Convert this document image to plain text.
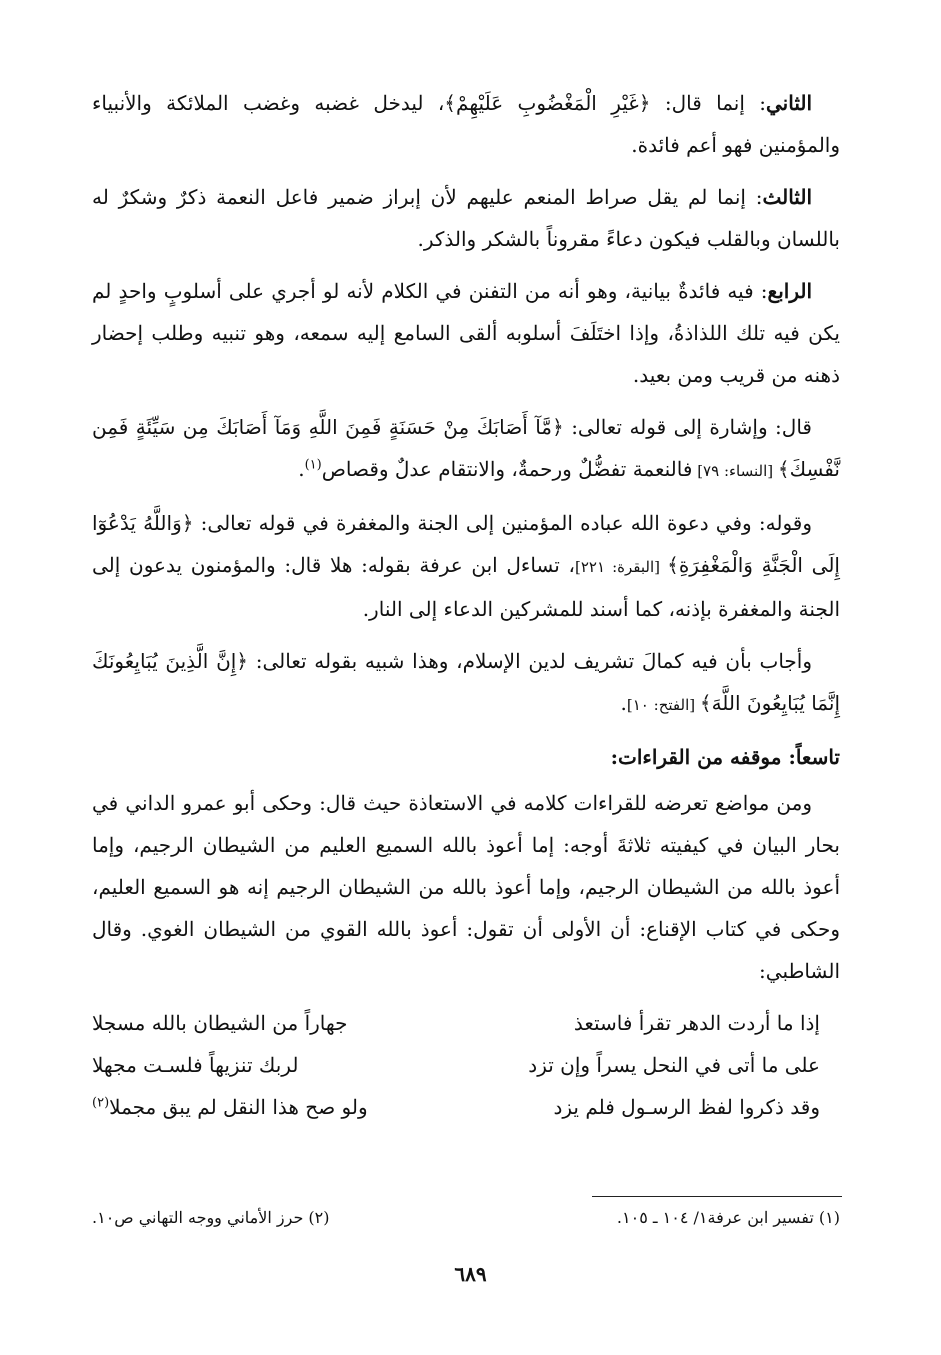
الثاني: إنما قال: ﴿غَيْرِ الْمَغْضُوبِ عَلَيْهِمْ﴾، ليدخل غضبه وغضب الملائكة والأنبياء والمؤمنين فهو أعم فائدة.

الثالث: إنما لم يقل صراط المنعم عليهم لأن إبراز ضمير فاعل النعمة ذكرٌ وشكرٌ له باللسان وبالقلب فيكون دعاءً مقروناً بالشكر والذكر.

الرابع: فيه فائدةٌ بيانية، وهو أنه من التفنن في الكلام لأنه لو أجري على أسلوبٍ واحدٍ لم يكن فيه تلك اللذاذةُ، وإذا اختَلَفَ أسلوبه ألقى السامع إليه سمعه، وهو تنبيه وطلب إحضار ذهنه من قريب ومن بعيد.

قال: وإشارة إلى قوله تعالى: ﴿مَّآ أَصَابَكَ مِنْ حَسَنَةٍ فَمِنَ اللَّهِ وَمَآ أَصَابَكَ مِن سَيِّئَةٍ فَمِن نَّفْسِكَ﴾ [النساء: ٧٩] فالنعمة تفضُّلٌ ورحمةٌ، والانتقام عدلٌ وقصاص$^{(١)}$.

وقوله: وفي دعوة الله عباده المؤمنين إلى الجنة والمغفرة في قوله تعالى: ﴿وَاللَّهُ يَدْعُوٓا إِلَى الْجَنَّةِ وَالْمَغْفِرَةِ﴾ [البقرة: ٢٢١]، تساءل ابن عرفة بقوله: هلا قال: والمؤمنون يدعون إلى الجنة والمغفرة بإذنه، كما أسند للمشركين الدعاء إلى النار.

وأجاب بأن فيه كمالَ تشريف لدين الإسلام، وهذا شبيه بقوله تعالى: ﴿إِنَّ الَّذِينَ يُبَايِعُونَكَ إِنَّمَا يُبَايِعُونَ اللَّهَ﴾ [الفتح: ١٠].

تاسعاً: موقفه من القراءات:

ومن مواضع تعرضه للقراءات كلامه في الاستعاذة حيث قال: وحكى أبو عمرو الداني في بحار البيان في كيفيته ثلاثةَ أوجه: إما أعوذ بالله السميع العليم من الشيطان الرجيم، وإما أعوذ بالله من الشيطان الرجيم، وإما أعوذ بالله من الشيطان الرجيم إنه هو السميع العليم، وحكى في كتاب الإقناع: أن الأولى أن تقول: أعوذ بالله القوي من الشيطان الغوي. وقال الشاطبي:

إذا ما أردت الدهر تقرأ فاستعذ
جهاراً من الشيطان بالله مسجلا
على ما أتى في النحل يسراً وإن تزد
لربك تنزيهاً فلسـت مجهلا
وقد ذكروا لفظ الرسـول فلم يزد
ولو صح هذا النقل لم يبق مجملا$^{(٢)}$
(١) تفسير ابن عرفة١/ ١٠٤ ـ ١٠٥.
(٢) حرز الأماني ووجه التهاني ص١٠.
٦٨٩
